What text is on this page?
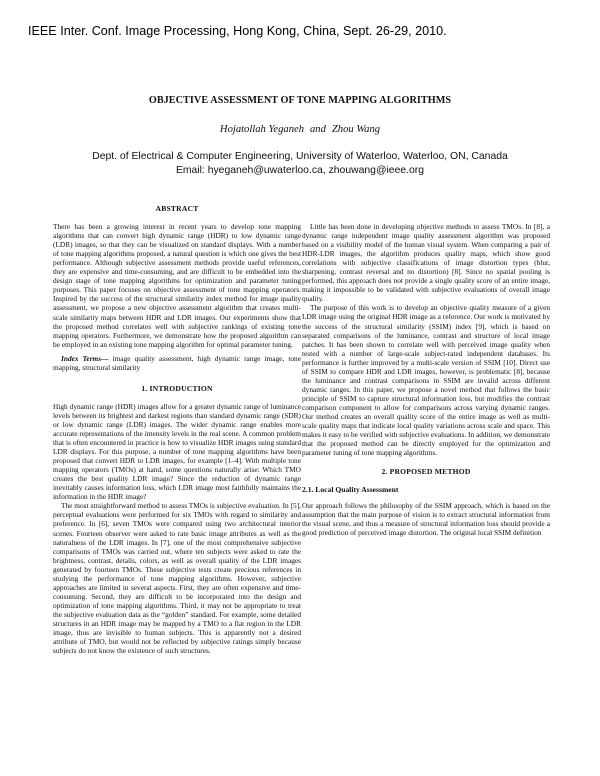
IEEE Inter. Conf. Image Processing, Hong Kong, China, Sept. 26-29, 2010.
OBJECTIVE ASSESSMENT OF TONE MAPPING ALGORITHMS
Hojatollah Yeganeh and Zhou Wang
Dept. of Electrical & Computer Engineering, University of Waterloo, Waterloo, ON, Canada
Email: hyeganeh@uwaterloo.ca, zhouwang@ieee.org
ABSTRACT

There has been a growing interest in recent years to develop tone mapping algorithms that can convert high dynamic range (HDR) to low dynamic range (LDR) images, so that they can be visualized on standard displays. With a number of tone mapping algorithms proposed, a natural question is which one gives the best performance. Although subjective assessment methods provide useful references, they are expensive and time-consuming, and are difficult to be embedded into the design stage of tone mapping algorithms for optimization and parameter tuning purposes. This paper focuses on objective assessment of tone mapping operators. Inspired by the success of the structural similarity index method for image quality assessment, we propose a new objective assessment algorithm that creates multi-scale similarity maps between HDR and LDR images. Our experiments show that the proposed method correlates well with subjective rankings of existing tone mapping operators. Furthermore, we demonstrate how the proposed algorithm can be employed in an existing tone mapping algorithm for optimal parameter tuning.

Index Terms— image quality assessment, high dynamic range image, tone mapping, structural similarity

1. INTRODUCTION

High dynamic range (HDR) images allow for a greater dynamic range of luminance levels between its brightest and darkest regions than standard dynamic range (SDR) or low dynamic range (LDR) images. The wider dynamic range enables more accurate representations of the intensity levels in the real scene. A common problem that is often encountered in practice is how to visualize HDR images using standard LDR displays. For this purpose, a number of tone mapping algorithms have been proposed that convert HDR to LDR images, for example [1–4]. With multiple tone mapping operators (TMOs) at hand, some questions naturally arise: Which TMO creates the best quality LDR image? Since the reduction of dynamic range inevitably causes information loss, which LDR image most faithfully maintains the information in the HDR image?

The most straightforward method to assess TMOs is subjective evaluation. In [5], perceptual evaluations were performed for six TMOs with regard to similarity and preference. In [6], seven TMOs were compared using two architectural interior scenes. Fourteen observer were asked to rate basic image attributes as well as the naturalness of the LDR images. In [7], one of the most comprehensive subjective comparisons of TMOs was carried out, where ten subjects were asked to rate the brightness, contrast, details, colors, as well as overall quality of the LDR images generated by fourteen TMOs. These subjective tests create precious references in studying the performance of tone mapping algorithms. However, subjective approaches are limited in several aspects. First, they are often expensive and time-consuming. Second, they are difficult to be incorporated into the design and optimization of tone mapping algorithms. Third, it may not be appropriate to treat the subjective evaluation data as the “golden” standard. For example, some detailed structures in an HDR image may be mapped by a TMO to a flat region in the LDR image, thus are invisible to human subjects. This is apparently not a desired attribute of TMO, but would not be reflected by subjective ratings simply because subjects do not know the existence of such structures.

Little has been done in developing objective methods to assess TMOs. In [8], a dynamic range independent image quality assessment algorithm was proposed based on a visibility model of the human visual system. When comparing a pair of HDR-LDR images, the algorithm produces quality maps, which show good correlations with subjective classifications of image distortion types (blur, sharpening, contrast reversal and no distortion) [8]. Since no spatial pooling is performed, this approach does not provide a single quality score of an entire image, making it impossible to be validated with subjective evaluations of overall image quality.

The purpose of this work is to develop an objective quality measure of a given LDR image using the original HDR image as a reference. Our work is motivated by the success of the structural similarity (SSIM) index [9], which is based on separated comparisons of the luminance, contrast and structure of local image patches. It has been shown to correlate well with perceived image quality when tested with a number of large-scale subject-rated independent databases. Its performance is further improved by a multi-scale version of SSIM [10]. Direct use of SSIM to compare HDR and LDR images, however, is problematic [8], because the luminance and contrast comparisons in SSIM are invalid across different dynamic ranges. In this paper, we propose a novel method that follows the basic principle of SSIM to capture structural information loss, but modifies the contrast comparison component to allow for comparisons across varying dynamic ranges. Our method creates an overall quality score of the entire image as well as multi-scale quality maps that indicate local quality variations across scale and space. This makes it easy to be verified with subjective evaluations. In addition, we demonstrate that the proposed method can be directly employed for the optimization and parameter tuning of tone mapping algorithms.

2. PROPOSED METHOD
2.1. Local Quality Assessment

Our approach follows the philosophy of the SSIM approach, which is based on the assumption that the main purpose of vision is to extract structural information from the visual scene, and thus a measure of structural information loss should provide a good prediction of perceived image distortion. The original local SSIM definition
